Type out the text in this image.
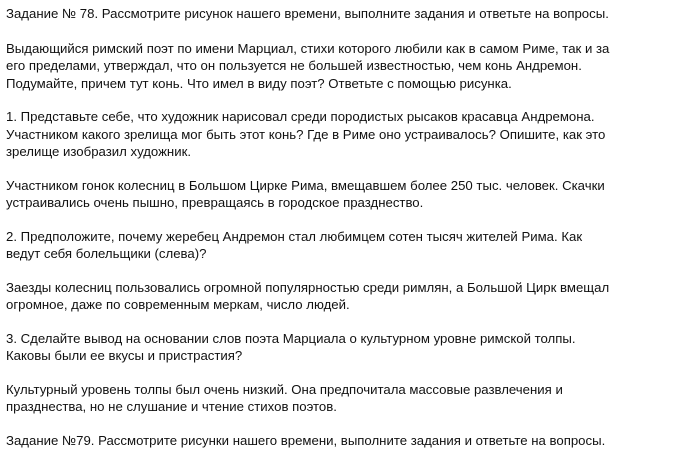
Задание № 78. Рассмотрите рисунок нашего времени, выполните задания и ответьте на вопросы.

Выдающийся римский поэт по имени Марциал, стихи которого любили как в самом Риме, так и за
его пределами, утверждал, что он пользуется не большей известностью, чем конь Андремон.
Подумайте, причем тут конь. Что имел в виду поэт? Ответьте с помощью рисунка.

1. Представьте себе, что художник нарисовал среди породистых рысаков красавца Андремона.
Участником какого зрелища мог быть этот конь? Где в Риме оно устраивалось? Опишите, как это
зрелище изобразил художник.

Участником гонок колесниц в Большом Цирке Рима, вмещавшем более 250 тыс. человек. Скачки
устраивались очень пышно, превращаясь в городское празднество.

2. Предположите, почему жеребец Андремон стал любимцем сотен тысяч жителей Рима. Как
ведут себя болельщики (слева)?

Заезды колесниц пользовались огромной популярностью среди римлян, а Большой Цирк вмещал
огромное, даже по современным меркам, число людей.

3. Сделайте вывод на основании слов поэта Марциала о культурном уровне римской толпы.
Каковы были ее вкусы и пристрастия?

Культурный уровень толпы был очень низкий. Она предпочитала массовые развлечения и
празднества, но не слушание и чтение стихов поэтов.

Задание №79. Рассмотрите рисунки нашего времени, выполните задания и ответьте на вопросы.
